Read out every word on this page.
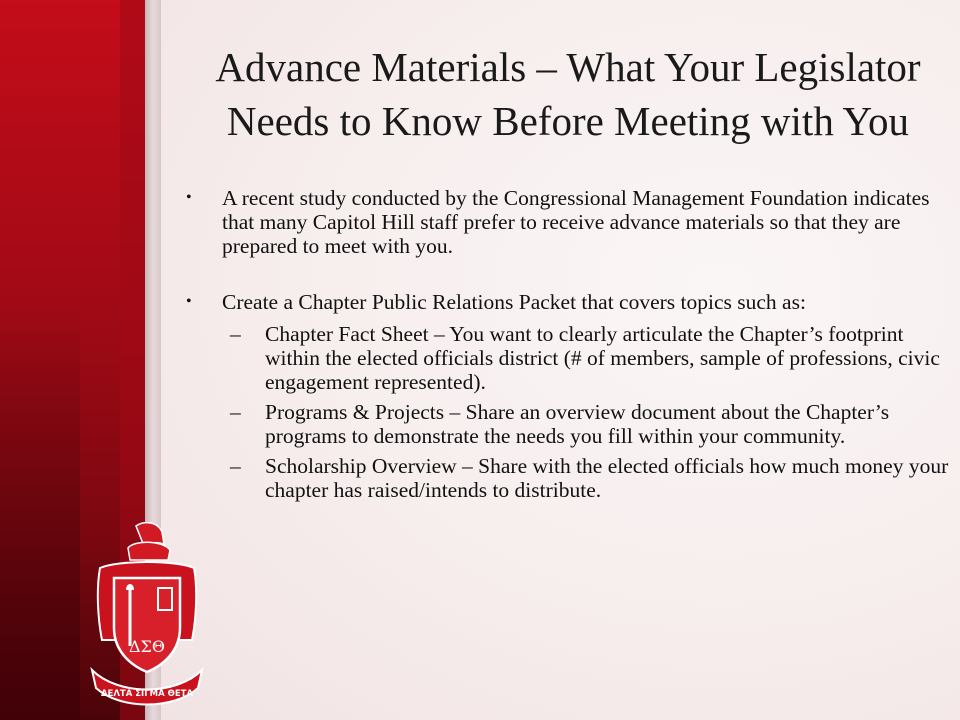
Advance Materials – What Your Legislator
Needs to Know Before Meeting with You
• A recent study conducted by the Congressional Management Foundation indicates that many Capitol Hill staff prefer to receive advance materials so that they are prepared to meet with you.
• Create a Chapter Public Relations Packet that covers topics such as:
– Chapter Fact Sheet – You want to clearly articulate the Chapter’s footprint within the elected officials district (# of members, sample of professions, civic engagement represented).
– Programs & Projects – Share an overview document about the Chapter’s programs to demonstrate the needs you fill within your community.
– Scholarship Overview – Share with the elected officials how much money your chapter has raised/intends to distribute.
ΔΣΘ
ΔΕΛΤΑ ΣΙΓΜΑ ΘΕΤΑ
